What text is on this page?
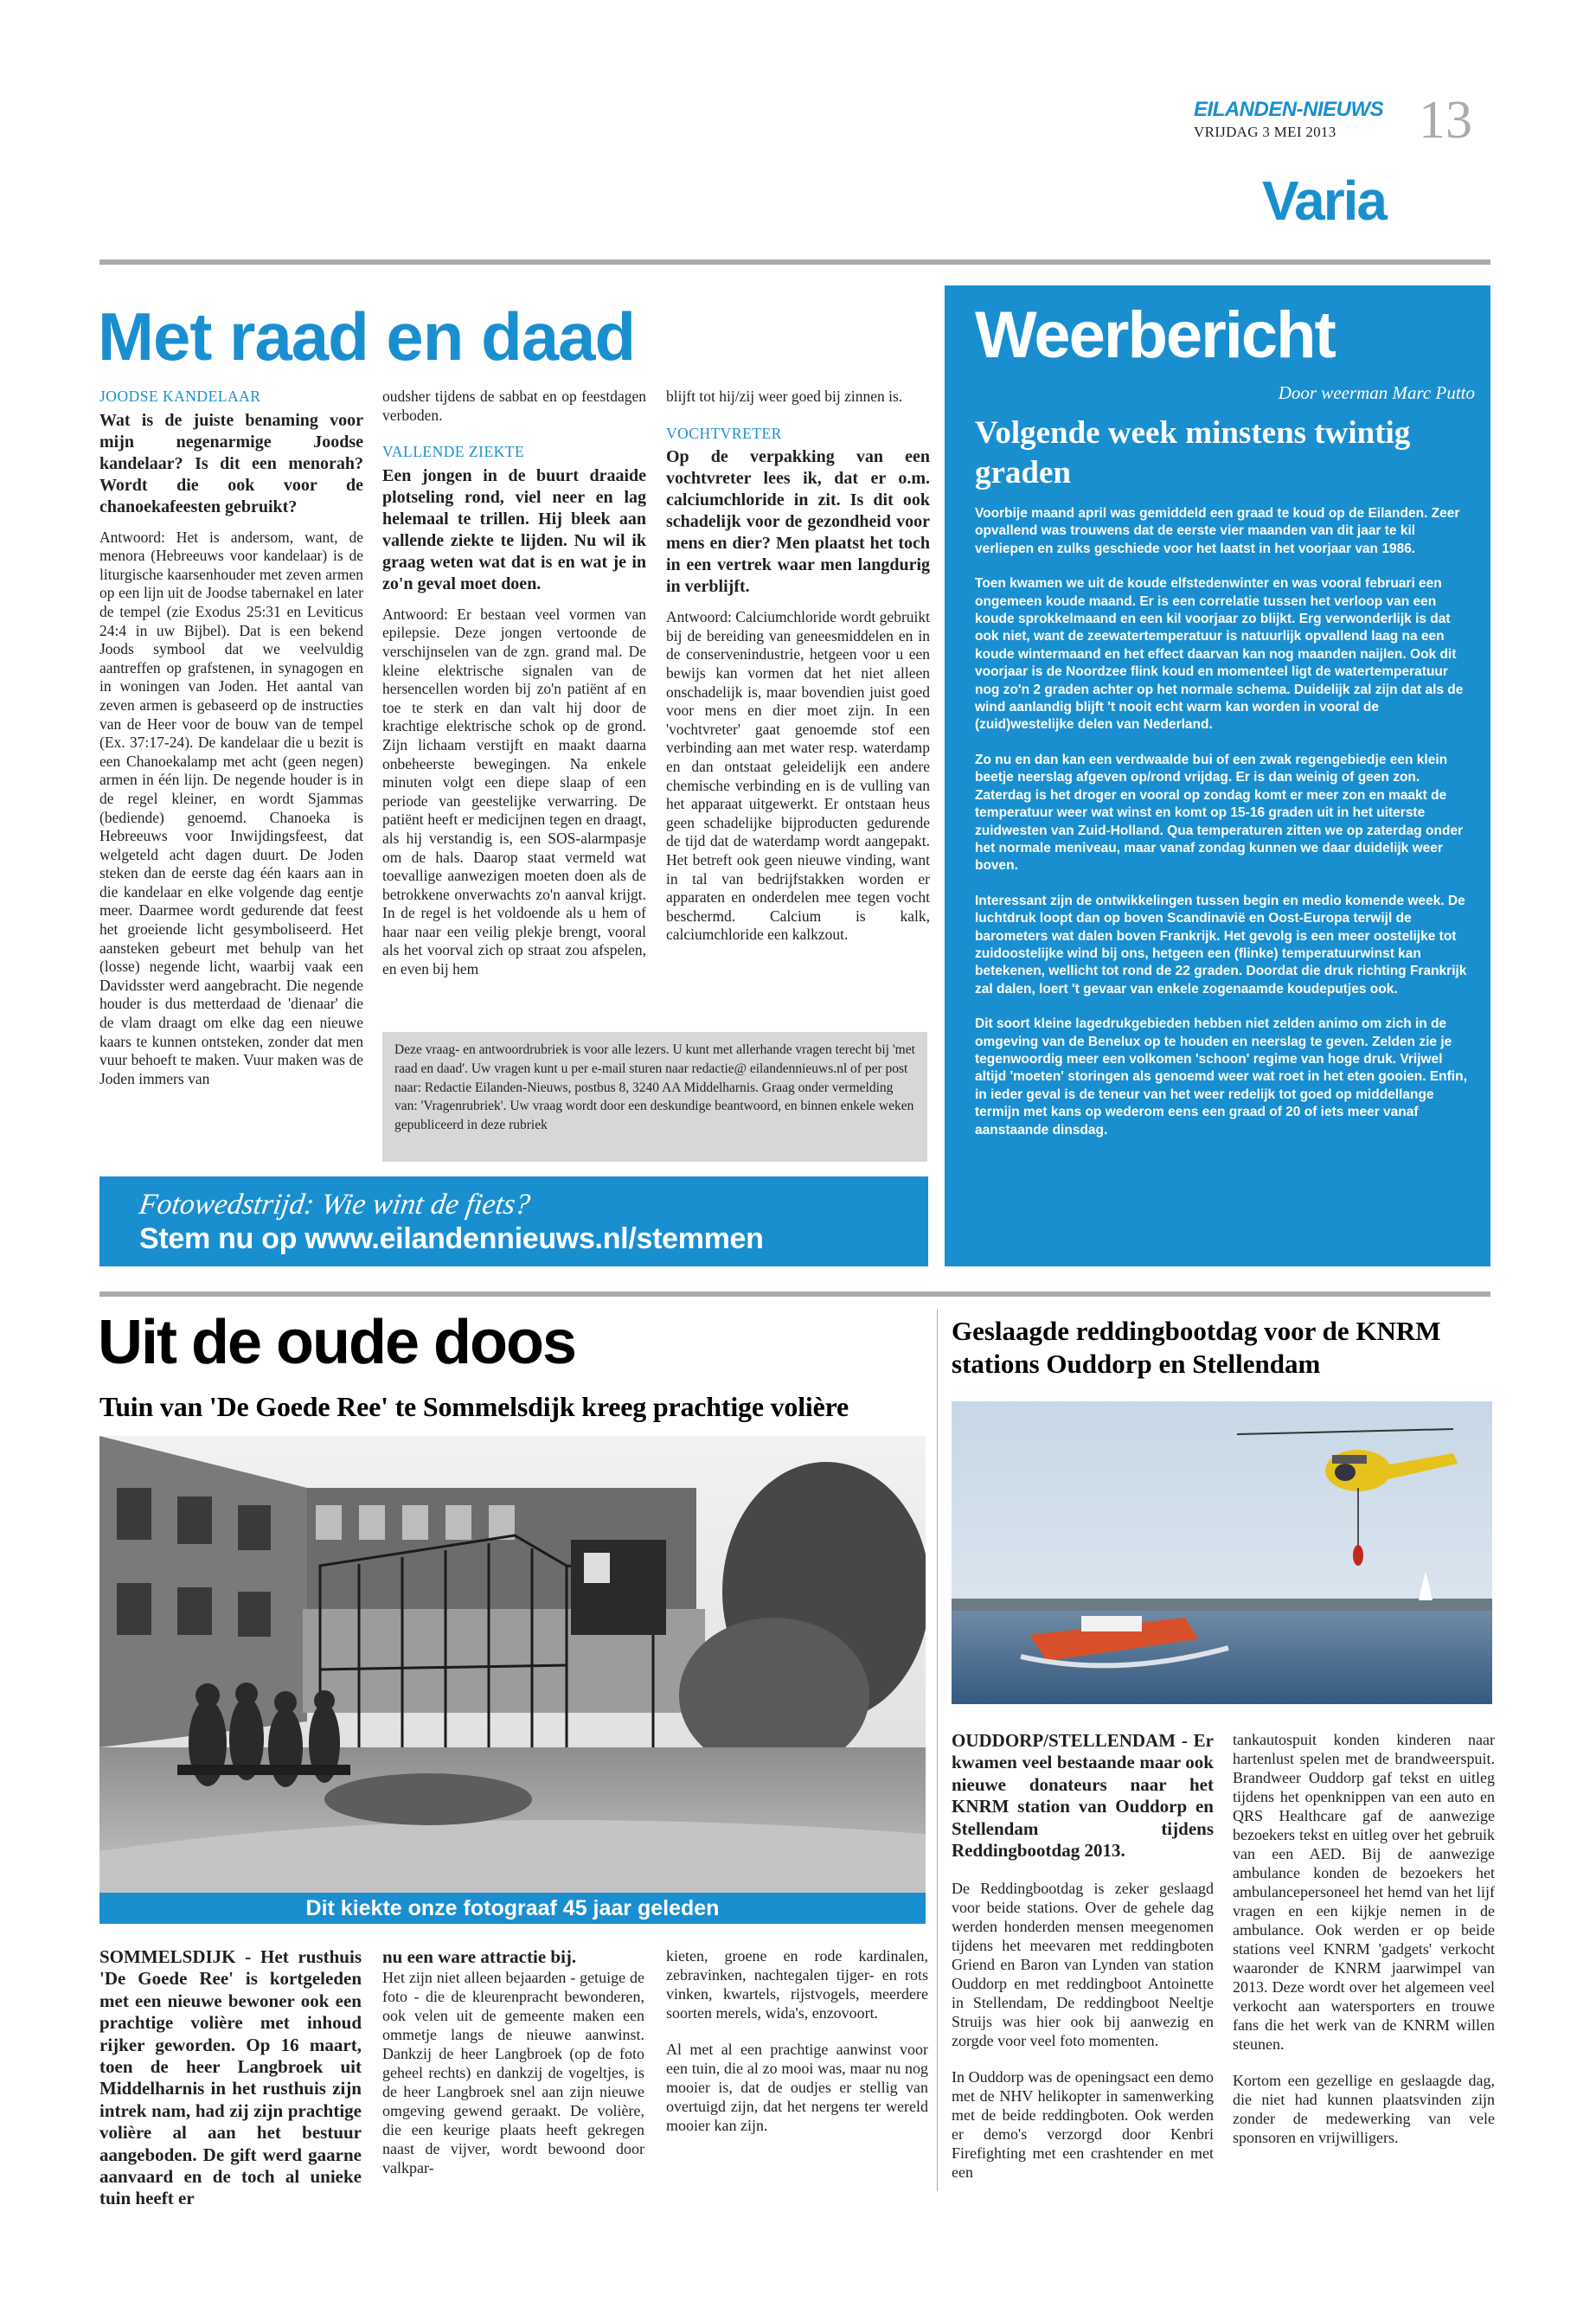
EILANDEN-NIEUWS
VRIJDAG 3 MEI 2013 13
Varia
Met raad en daad
JOODSE KANDELAAR

Wat is de juiste benaming voor mijn negenarmige Joodse kandelaar? Is dit een menorah? Wordt die ook voor de chanoekafeesten gebruikt?

Antwoord: Het is andersom, want, de menora (Hebreeuws voor kandelaar) is de liturgische kaarsenhouder met zeven armen op een lijn uit de Joodse tabernakel en later de tempel (zie Exodus 25:31 en Leviticus 24:4 in uw Bijbel). Dat is een bekend Joods symbool dat we veelvuldig aantreffen op grafstenen, in synagogen en in woningen van Joden. Het aantal van zeven armen is gebaseerd op de instructies van de Heer voor de bouw van de tempel (Ex. 37:17-24). De kandelaar die u bezit is een Chanoekalamp met acht (geen negen) armen in één lijn. De negende houder is in de regel kleiner, en wordt Sjammas (bediende) genoemd. Chanoeka is Hebreeuws voor Inwijdingsfeest, dat welgeteld acht dagen duurt. De Joden steken dan de eerste dag één kaars aan in die kandelaar en elke volgende dag eentje meer. Daarmee wordt gedurende dat feest het groeiende licht gesymboliseerd. Het aansteken gebeurt met behulp van het (losse) negende licht, waarbij vaak een Davidsster werd aangebracht. Die negende houder is dus metterdaad de 'dienaar' die de vlam draagt om elke dag een nieuwe kaars te kunnen ontsteken, zonder dat men vuur behoeft te maken. Vuur maken was de Joden immers van

oudsher tijdens de sabbat en op feestdagen verboden.

VALLENDE ZIEKTE

Een jongen in de buurt draaide plotseling rond, viel neer en lag helemaal te trillen. Hij bleek aan vallende ziekte te lijden. Nu wil ik graag weten wat dat is en wat je in zo'n geval moet doen.

Antwoord: Er bestaan veel vormen van epilepsie. Deze jongen vertoonde de verschijnselen van de zgn. grand mal. De kleine elektrische signalen van de hersencellen worden bij zo'n patiënt af en toe te sterk en dan valt hij door de krachtige elektrische schok op de grond. Zijn lichaam verstijft en maakt daarna onbeheerste bewegingen. Na enkele minuten volgt een diepe slaap of een periode van geestelijke verwarring. De patiënt heeft er medicijnen tegen en draagt, als hij verstandig is, een SOS-alarmpasje om de hals. Daarop staat vermeld wat toevallige aanwezigen moeten doen als de betrokkene onverwachts zo'n aanval krijgt. In de regel is het voldoende als u hem of haar naar een veilig plekje brengt, vooral als het voorval zich op straat zou afspelen, en even bij hem

blijft tot hij/zij weer goed bij zinnen is.

VOCHTVRETER

Op de verpakking van een vochtvreter lees ik, dat er o.m. calciumchloride in zit. Is dit ook schadelijk voor de gezondheid voor mens en dier? Men plaatst het toch in een vertrek waar men langdurig in verblijft.

Antwoord: Calciumchloride wordt gebruikt bij de bereiding van geneesmiddelen en in de conservenindustrie, hetgeen voor u een bewijs kan vormen dat het niet alleen onschadelijk is, maar bovendien juist goed voor mens en dier moet zijn. In een 'vochtvreter' gaat genoemde stof een verbinding aan met water resp. waterdamp en dan ontstaat geleidelijk een andere chemische verbinding en is de vulling van het apparaat uitgewerkt. Er ontstaan heus geen schadelijke bijproducten gedurende de tijd dat de waterdamp wordt aangepakt. Het betreft ook geen nieuwe vinding, want in tal van bedrijfstakken worden er apparaten en onderdelen mee tegen vocht beschermd. Calcium is kalk, calciumchloride een kalkzout.

Deze vraag- en antwoordrubriek is voor alle lezers. U kunt met allerhande vragen terecht bij 'met raad en daad'. Uw vragen kunt u per e-mail sturen naar redactie@ eilandennieuws.nl of per post naar: Redactie Eilanden-Nieuws, postbus 8, 3240 AA Middelharnis. Graag onder vermelding van: 'Vragenrubriek'. Uw vraag wordt door een deskundige beantwoord, en binnen enkele weken gepubliceerd in deze rubriek

Fotowedstrijd: Wie wint de fiets?
Stem nu op www.eilandennieuws.nl/stemmen
Weerbericht
Door weerman Marc Putto
Volgende week minstens twintig graden

Voorbije maand april was gemiddeld een graad te koud op de Eilanden. Zeer opvallend was trouwens dat de eerste vier maanden van dit jaar te kil verliepen en zulks geschiede voor het laatst in het voorjaar van 1986.

Toen kwamen we uit de koude elfstedenwinter en was vooral februari een ongemeen koude maand. Er is een correlatie tussen het verloop van een koude sprokkelmaand en een kil voorjaar zo blijkt. Erg verwonderlijk is dat ook niet, want de zeewatertemperatuur is natuurlijk opvallend laag na een koude wintermaand en het effect daarvan kan nog maanden naijlen. Ook dit voorjaar is de Noordzee flink koud en momenteel ligt de watertemperatuur nog zo'n 2 graden achter op het normale schema. Duidelijk zal zijn dat als de wind aanlandig blijft 't nooit echt warm kan worden in vooral de (zuid)westelijke delen van Nederland.

Zo nu en dan kan een verdwaalde bui of een zwak regengebiedje een klein beetje neerslag afgeven op/rond vrijdag. Er is dan weinig of geen zon. Zaterdag is het droger en vooral op zondag komt er meer zon en maakt de temperatuur weer wat winst en komt op 15-16 graden uit in het uiterste zuidwesten van Zuid-Holland. Qua temperaturen zitten we op zaterdag onder het normale meniveau, maar vanaf zondag kunnen we daar duidelijk weer boven.

Interessant zijn de ontwikkelingen tussen begin en medio komende week. De luchtdruk loopt dan op boven Scandinavië en Oost-Europa terwijl de barometers wat dalen boven Frankrijk. Het gevolg is een meer oostelijke tot zuidoostelijke wind bij ons, hetgeen een (flinke) temperatuurwinst kan betekenen, wellicht tot rond de 22 graden. Doordat die druk richting Frankrijk zal dalen, loert 't gevaar van enkele zogenaamde koudeputjes ook.

Dit soort kleine lagedrukgebieden hebben niet zelden animo om zich in de omgeving van de Benelux op te houden en neerslag te geven. Zelden zie je tegenwoordig meer een volkomen 'schoon' regime van hoge druk. Vrijwel altijd 'moeten' storingen als genoemd weer wat roet in het eten gooien. Enfin, in ieder geval is de teneur van het weer redelijk tot goed op middellange termijn met kans op wederom eens een graad of 20 of iets meer vanaf aanstaande dinsdag.

Uit de oude doos
Tuin van 'De Goede Ree' te Sommelsdijk kreeg prachtige volière
Dit kiekte onze fotograaf 45 jaar geleden

SOMMELSDIJK - Het rusthuis 'De Goede Ree' is kortgeleden met een nieuwe bewoner ook een prachtige volière met inhoud rijker geworden. Op 16 maart, toen de heer Langbroek uit Middelharnis in het rusthuis zijn intrek nam, had zij zijn prachtige volière al aan het bestuur aangeboden. De gift werd gaarne aanvaard en de toch al unieke tuin heeft er

nu een ware attractie bij.

Het zijn niet alleen bejaarden - getuige de foto - die de kleurenpracht bewonderen, ook velen uit de gemeente maken een ommetje langs de nieuwe aanwinst. Dankzij de heer Langbroek (op de foto geheel rechts) en dankzij de vogeltjes, is de heer Langbroek snel aan zijn nieuwe omgeving gewend geraakt. De volière, die een keurige plaats heeft gekregen naast de vijver, wordt bewoond door valkpar-

kieten, groene en rode kardinalen, zebravinken, nachtegalen tijger- en rots vinken, kwartels, rijstvogels, meerdere soorten merels, wida's, enzovoort.

Al met al een prachtige aanwinst voor een tuin, die al zo mooi was, maar nu nog mooier is, dat de oudjes er stellig van overtuigd zijn, dat het nergens ter wereld mooier kan zijn.

Geslaagde reddingbootdag voor de KNRM stations Ouddorp en Stellendam

OUDDORP/STELLENDAM - Er kwamen veel bestaande maar ook nieuwe donateurs naar het KNRM station van Ouddorp en Stellendam tijdens Reddingbootdag 2013.

De Reddingbootdag is zeker geslaagd voor beide stations. Over de gehele dag werden honderden mensen meegenomen tijdens het meevaren met reddingboten Griend en Baron van Lynden van station Ouddorp en met reddingboot Antoinette in Stellendam, De reddingboot Neeltje Struijs was hier ook bij aanwezig en zorgde voor veel foto momenten.

In Ouddorp was de openingsact een demo met de NHV helikopter in samenwerking met de beide reddingboten. Ook werden er demo's verzorgd door Kenbri Firefighting met een crashtender en met een

tankautospuit konden kinderen naar hartenlust spelen met de brandweerspuit. Brandweer Ouddorp gaf tekst en uitleg tijdens het openknippen van een auto en QRS Healthcare gaf de aanwezige bezoekers tekst en uitleg over het gebruik van een AED. Bij de aanwezige ambulance konden de bezoekers het ambulancepersoneel het hemd van het lijf vragen en een kijkje nemen in de ambulance. Ook werden er op beide stations veel KNRM 'gadgets' verkocht waaronder de KNRM jaarwimpel van 2013. Deze wordt over het algemeen veel verkocht aan watersporters en trouwe fans die het werk van de KNRM willen steunen.

Kortom een gezellige en geslaagde dag, die niet had kunnen plaatsvinden zijn zonder de medewerking van vele sponsoren en vrijwilligers.
